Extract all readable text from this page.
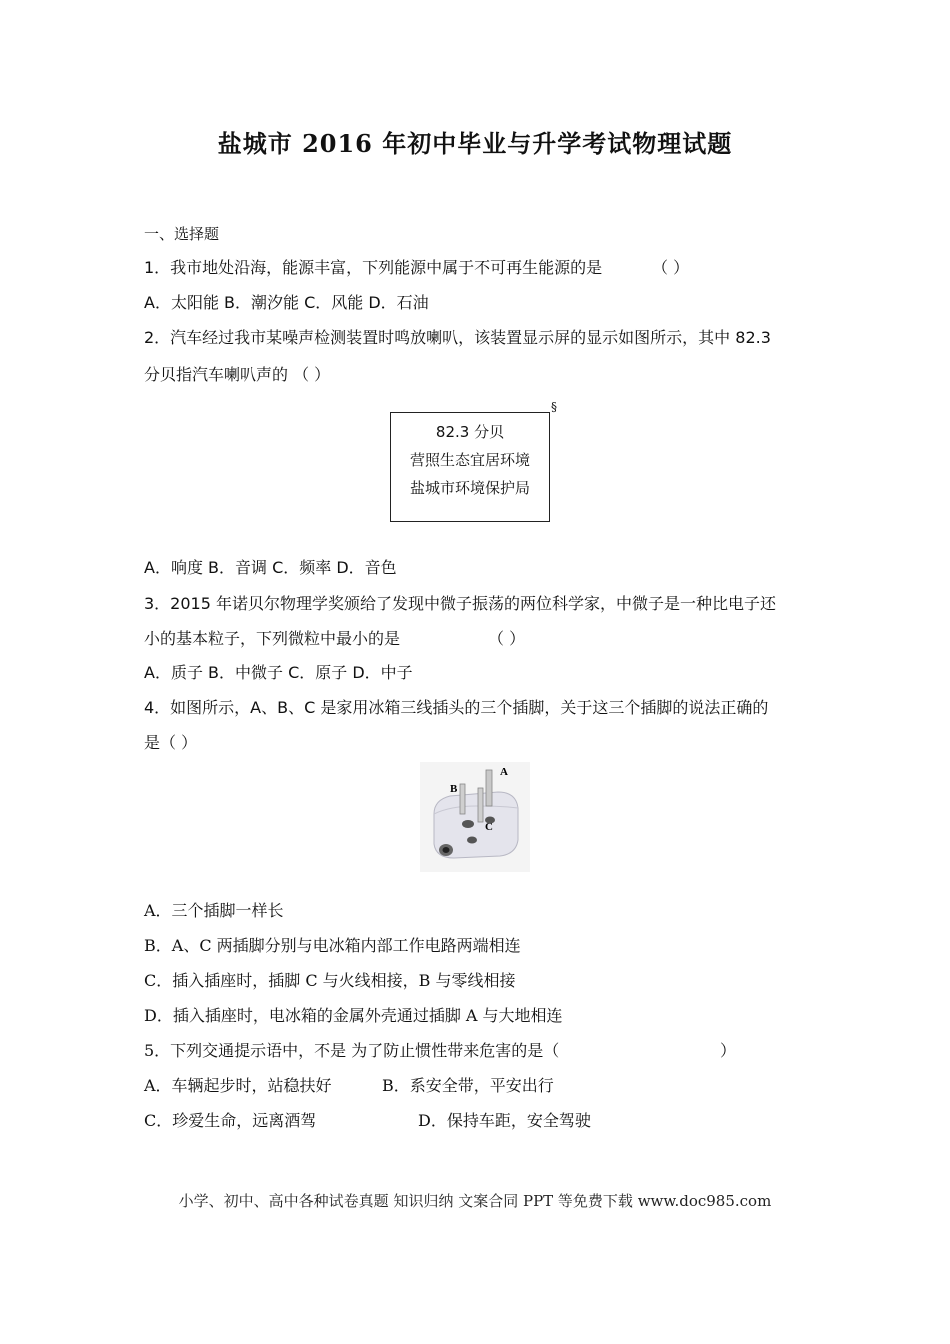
盐城市 2016 年初中毕业与升学考试物理试题
一、选择题
1．我市地处沿海，能源丰富，下列能源中属于不可再生能源的是	（ ）
A．太阳能 B．潮汐能 C．风能 D．石油
2．汽车经过我市某噪声检测装置时鸣放喇叭，该装置显示屏的显示如图所示，其中 82.3
分贝指汽车喇叭声的 （ ）
82.3 分贝
营照生态宜居环境
盐城市环境保护局
§
A．响度 B．音调 C．频率 D．音色
3．2015 年诺贝尔物理学奖颁给了发现中微子振荡的两位科学家，中微子是一种比电子还
小的基本粒子，下列微粒中最小的是	（ ）
A．质子 B．中微子 C．原子 D．中子
4．如图所示，A、B、C 是家用冰箱三线插头的三个插脚，关于这三个插脚的说法正确的
是（ ）
A
B
C
A．三个插脚一样长
B．A、C 两插脚分别与电冰箱内部工作电路两端相连
C．插入插座时，插脚 C 与火线相接，B 与零线相接
D．插入插座时，电冰箱的金属外壳通过插脚 A 与大地相连
5．下列交通提示语中，不是 为了防止惯性带来危害的是（	）
A．车辆起步时，站稳扶好	B．系安全带，平安出行
C．珍爱生命，远离酒驾	D．保持车距，安全驾驶
小学、初中、高中各种试卷真题 知识归纳 文案合同 PPT 等免费下载 www.doc985.com
